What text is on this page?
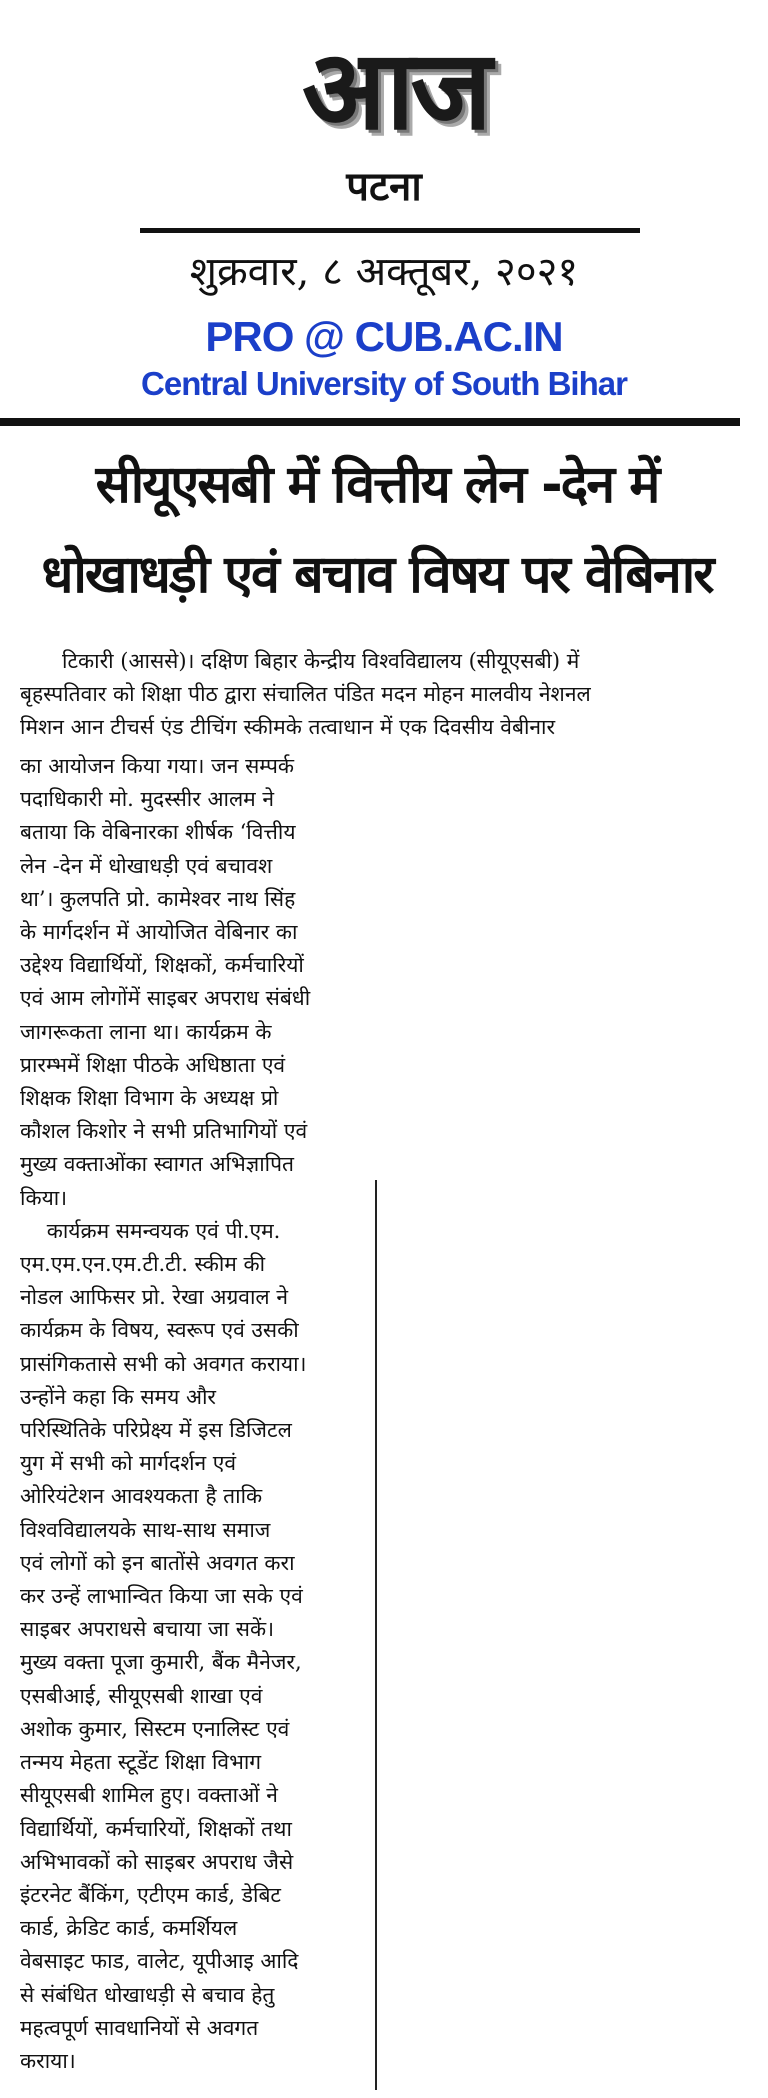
आज
पटना
शुक्रवार, ८ अक्तूबर, २०२१
PRO @ CUB.AC.IN
Central University of South Bihar
सीयूएसबी में वित्तीय लेन -देन में
धोखाधड़ी एवं बचाव विषय पर वेबिनार
टिकारी (आससे)। दक्षिण बिहार केन्द्रीय विश्वविद्यालय (सीयूएसबी) में
बृहस्पतिवार को शिक्षा पीठ द्वारा संचालित पंडित मदन मोहन मालवीय नेशनल
मिशन आन टीचर्स एंड टीचिंग स्कीमके तत्वाधान में एक दिवसीय वेबीनार
का आयोजन किया गया। जन सम्पर्क
पदाधिकारी मो. मुदस्सीर आलम ने
बताया कि वेबिनारका शीर्षक ‘वित्तीय
लेन -देन में धोखाधड़ी एवं बचावश
था’। कुलपति प्रो. कामेश्वर नाथ सिंह
के मार्गदर्शन में आयोजित वेबिनार का
उद्देश्य विद्यार्थियों, शिक्षकों, कर्मचारियों
एवं आम लोगोंमें साइबर अपराध संबंधी
जागरूकता लाना था। कार्यक्रम के
प्रारम्भमें शिक्षा पीठके अधिष्ठाता एवं
शिक्षक शिक्षा विभाग के अध्यक्ष प्रो
कौशल किशोर ने सभी प्रतिभागियों एवं
मुख्य वक्ताओंका स्वागत अभिज्ञापित
किया।
कार्यक्रम समन्वयक एवं पी.एम.
एम.एम.एन.एम.टी.टी. स्कीम की
नोडल आफिसर प्रो. रेखा अग्रवाल ने
कार्यक्रम के विषय, स्वरूप एवं उसकी
प्रासंगिकतासे सभी को अवगत कराया।
उन्होंने कहा कि समय और
परिस्थितिके परिप्रेक्ष्य में इस डिजिटल
युग में सभी को मार्गदर्शन एवं
ओरियंटेशन आवश्यकता है ताकि
विश्वविद्यालयके साथ-साथ समाज
एवं लोगों को इन बातोंसे अवगत करा
कर उन्हें लाभान्वित किया जा सके एवं
साइबर अपराधसे बचाया जा सकें।
मुख्य वक्ता पूजा कुमारी, बैंक मैनेजर,
एसबीआई, सीयूएसबी शाखा एवं
अशोक कुमार, सिस्टम एनालिस्ट एवं
तन्मय मेहता स्टूडेंट शिक्षा विभाग
सीयूएसबी शामिल हुए। वक्ताओं ने
विद्यार्थियों, कर्मचारियों, शिक्षकों तथा
अभिभावकों को साइबर अपराध जैसे
इंटरनेट बैंकिंग, एटीएम कार्ड, डेबिट
कार्ड, क्रेडिट कार्ड, कमर्शियल
वेबसाइट फाड, वालेट, यूपीआइ आदि
से संबंधित धोखाधड़ी से बचाव हेतु
महत्वपूर्ण सावधानियों से अवगत
कराया।
